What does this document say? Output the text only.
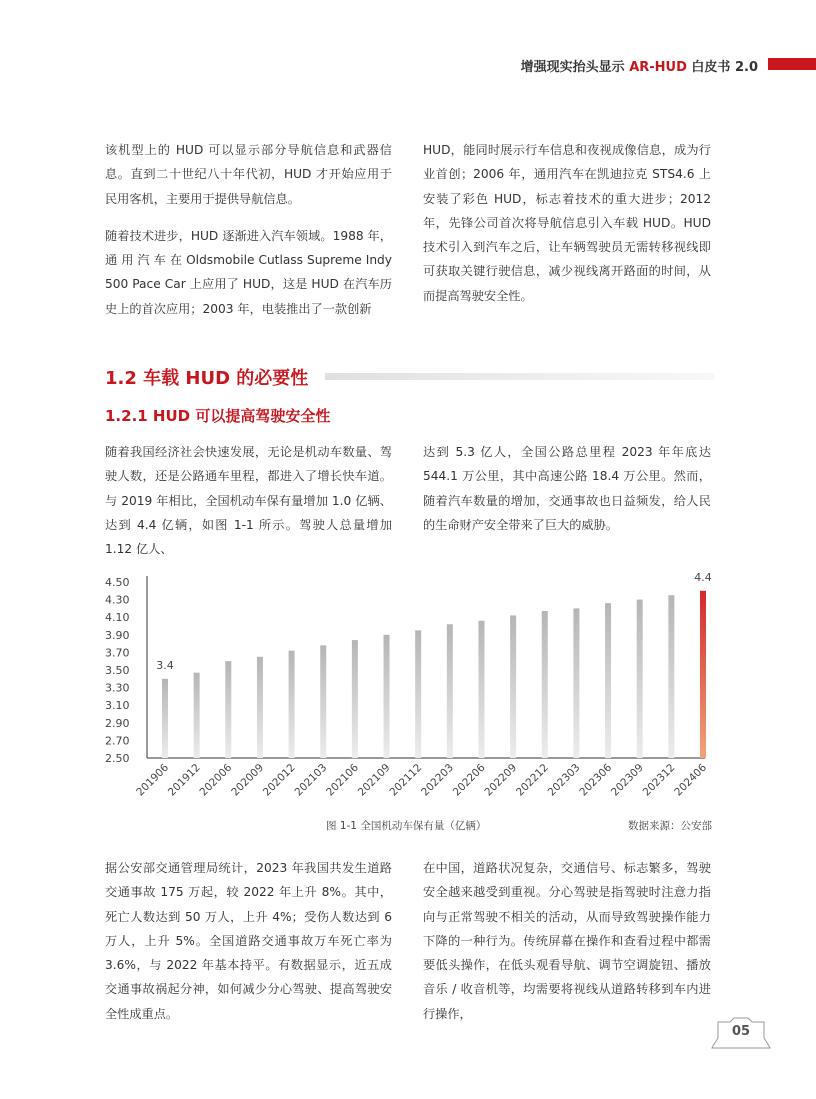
增强现实抬头显示 AR-HUD 白皮书 2.0

该机型上的 HUD 可以显示部分导航信息和武器信息。直到二十世纪八十年代初，HUD 才开始应用于民用客机，主要用于提供导航信息。

随着技术进步，HUD 逐渐进入汽车领域。1988 年，通 用 汽 车 在 Oldsmobile Cutlass Supreme Indy 500 Pace Car 上应用了 HUD，这是 HUD 在汽车历史上的首次应用；2003 年，电装推出了一款创新

HUD，能同时展示行车信息和夜视成像信息，成为行业首创；2006 年，通用汽车在凯迪拉克 STS4.6 上安装了彩色 HUD，标志着技术的重大进步；2012 年，先锋公司首次将导航信息引入车载 HUD。HUD 技术引入到汽车之后，让车辆驾驶员无需转移视线即可获取关键行驶信息，减少视线离开路面的时间，从而提高驾驶安全性。

1.2 车载 HUD 的必要性
1.2.1 HUD 可以提高驾驶安全性

随着我国经济社会快速发展，无论是机动车数量、驾驶人数，还是公路通车里程，都进入了增长快车道。与 2019 年相比，全国机动车保有量增加 1.0 亿辆、达到 4.4 亿辆，如图 1-1 所示。驾驶人总量增加 1.12 亿人、

达到 5.3 亿人，全国公路总里程 2023 年年底达 544.1 万公里，其中高速公路 18.4 万公里。然而，随着汽车数量的增加，交通事故也日益频发，给人民的生命财产安全带来了巨大的威胁。

4.50
4.30
4.10
3.90
3.70
3.50
3.30
3.10
2.90
2.70
2.50
201906
201912
202006
202009
202012
202103
202106
202109
202112
202203
202206
202209
202212
202303
202306
202309
202312
202406
3.4
4.4
图 1-1 全国机动车保有量（亿辆）	数据来源：公安部

据公安部交通管理局统计，2023 年我国共发生道路交通事故 175 万起，较 2022 年上升 8%。其中，死亡人数达到 50 万人，上升 4%；受伤人数达到 6 万人，上升 5%。全国道路交通事故万车死亡率为 3.6%，与 2022 年基本持平。有数据显示，近五成交通事故祸起分神，如何减少分心驾驶、提高驾驶安全性成重点。

在中国，道路状况复杂，交通信号、标志繁多，驾驶安全越来越受到重视。分心驾驶是指驾驶时注意力指向与正常驾驶不相关的活动，从而导致驾驶操作能力下降的一种行为。传统屏幕在操作和查看过程中都需要低头操作，在低头观看导航、调节空调旋钮、播放音乐 / 收音机等，均需要将视线从道路转移到车内进行操作，

05
